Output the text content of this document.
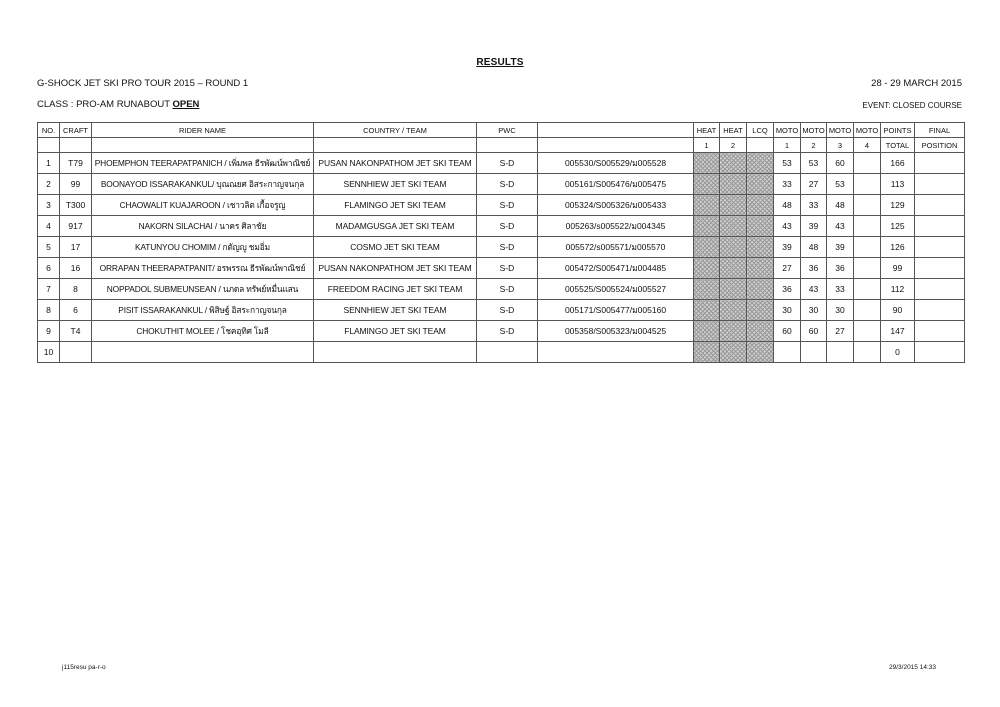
RESULTS
G-SHOCK JET SKI PRO TOUR 2015 – ROUND 1	28 - 29 MARCH 2015
CLASS : PRO-AM RUNABOUT OPEN	EVENT: CLOSED COURSE
NO.	CRAFT	RIDER NAME	COUNTRY / TEAM	PWC		HEAT	HEAT	LCQ	MOTO	MOTO	MOTO	MOTO	POINTS	FINAL
						1	2		1	2	3	4	TOTAL	POSITION
1	T79	PHOEMPHON TEERAPATPANICH / เพิ่มพล ธีรพัฒน์พาณิชย์	PUSAN NAKONPATHOM JET SKI TEAM	S-D	005530/S005529/ม005528				53	53	60		166	
2	99	BOONAYOD ISSARAKANKUL/ บุณณยศ อิสระกาญจนกุล	SENNHIEW JET SKI TEAM	S-D	005161/S005476/ม005475				33	27	53		113	
3	T300	CHAOWALIT KUAJAROON / เชาวลิต เกื้อจรูญ	FLAMINGO JET SKI TEAM	S-D	005324/S005326/ม005433				48	33	48		129	
4	917	NAKORN SILACHAI / นาคร ศิลาชัย	MADAMGUSGA JET SKI TEAM	S-D	005263/s005522/ม004345				43	39	43		125	
5	17	KATUNYOU CHOMIM / กตัญญู ชมอิ่ม	COSMO JET SKI TEAM	S-D	005572/s005571/ม005570				39	48	39		126	
6	16	ORRAPAN THEERAPATPANIT/ อรพรรณ ธีรพัฒน์พาณิชย์	PUSAN NAKONPATHOM JET SKI TEAM	S-D	005472/S005471/ม004485				27	36	36		99	
7	8	NOPPADOL SUBMEUNSEAN / นภดล ทรัพย์หมื่นแสน	FREEDOM RACING JET SKI TEAM	S-D	005525/S005524/ม005527				36	43	33		112	
8	6	PISIT ISSARAKANKUL / พิสิษฐ์ อิสระกาญจนกุล	SENNHIEW JET SKI TEAM	S-D	005171/S005477/ม005160				30	30	30		90	
9	T4	CHOKUTHIT MOLEE / โชคอุทิศ โมลี	FLAMINGO JET SKI TEAM	S-D	005358/S005323/ม004525				60	60	27		147	
10													0	
j115resu pa-r-o	29/3/2015 14:33
